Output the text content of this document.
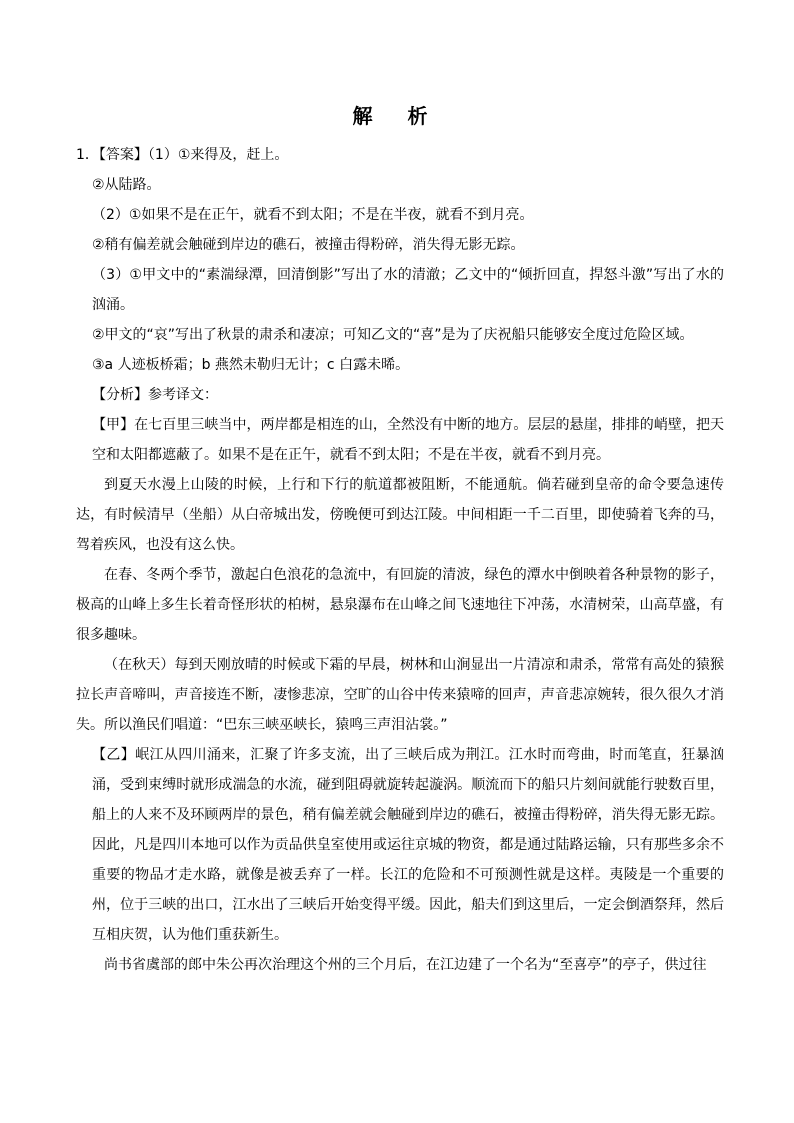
解 析

1．【答案】（1）①来得及，赶上。

②从陆路。

（2）①如果不是在正午，就看不到太阳；不是在半夜，就看不到月亮。

②稍有偏差就会触碰到岸边的礁石，被撞击得粉碎，消失得无影无踪。

（3）①甲文中的“素湍绿潭，回清倒影”写出了水的清澈；乙文中的“倾折回直，捍怒斗激”写出了水的汹涌。

②甲文的“哀”写出了秋景的肃杀和凄凉；可知乙文的“喜”是为了庆祝船只能够安全度过危险区域。

③a 人迹板桥霜；b 燕然未勒归无计；c 白露未晞。

【分析】参考译文：

【甲】在七百里三峡当中，两岸都是相连的山，全然没有中断的地方。层层的悬崖，排排的峭壁，把天空和太阳都遮蔽了。如果不是在正午，就看不到太阳；不是在半夜，就看不到月亮。

到夏天水漫上山陵的时候，上行和下行的航道都被阻断，不能通航。倘若碰到皇帝的命令要急速传达，有时候清早（坐船）从白帝城出发，傍晚便可到达江陵。中间相距一千二百里，即使骑着飞奔的马，驾着疾风，也没有这么快。

在春、冬两个季节，激起白色浪花的急流中，有回旋的清波，绿色的潭水中倒映着各种景物的影子，极高的山峰上多生长着奇怪形状的柏树，悬泉瀑布在山峰之间飞速地往下冲荡，水清树荣，山高草盛，有很多趣味。

（在秋天）每到天刚放晴的时候或下霜的早晨，树林和山涧显出一片清凉和肃杀，常常有高处的猿猴拉长声音啼叫，声音接连不断，凄惨悲凉，空旷的山谷中传来猿啼的回声，声音悲凉婉转，很久很久才消失。所以渔民们唱道：“巴东三峡巫峡长，猿鸣三声泪沾裳。”

【乙】岷江从四川涌来，汇聚了许多支流，出了三峡后成为荆江。江水时而弯曲，时而笔直，狂暴汹涌，受到束缚时就形成湍急的水流，碰到阻碍就旋转起漩涡。顺流而下的船只片刻间就能行驶数百里，船上的人来不及环顾两岸的景色，稍有偏差就会触碰到岸边的礁石，被撞击得粉碎，消失得无影无踪。因此，凡是四川本地可以作为贡品供皇室使用或运往京城的物资，都是通过陆路运输，只有那些多余不重要的物品才走水路，就像是被丢弃了一样。长江的危险和不可预测性就是这样。夷陵是一个重要的州，位于三峡的出口，江水出了三峡后开始变得平缓。因此，船夫们到这里后，一定会倒酒祭拜，然后互相庆贺，认为他们重获新生。

尚书省虞部的郎中朱公再次治理这个州的三个月后，在江边建了一个名为“至喜亭”的亭子，供过往
